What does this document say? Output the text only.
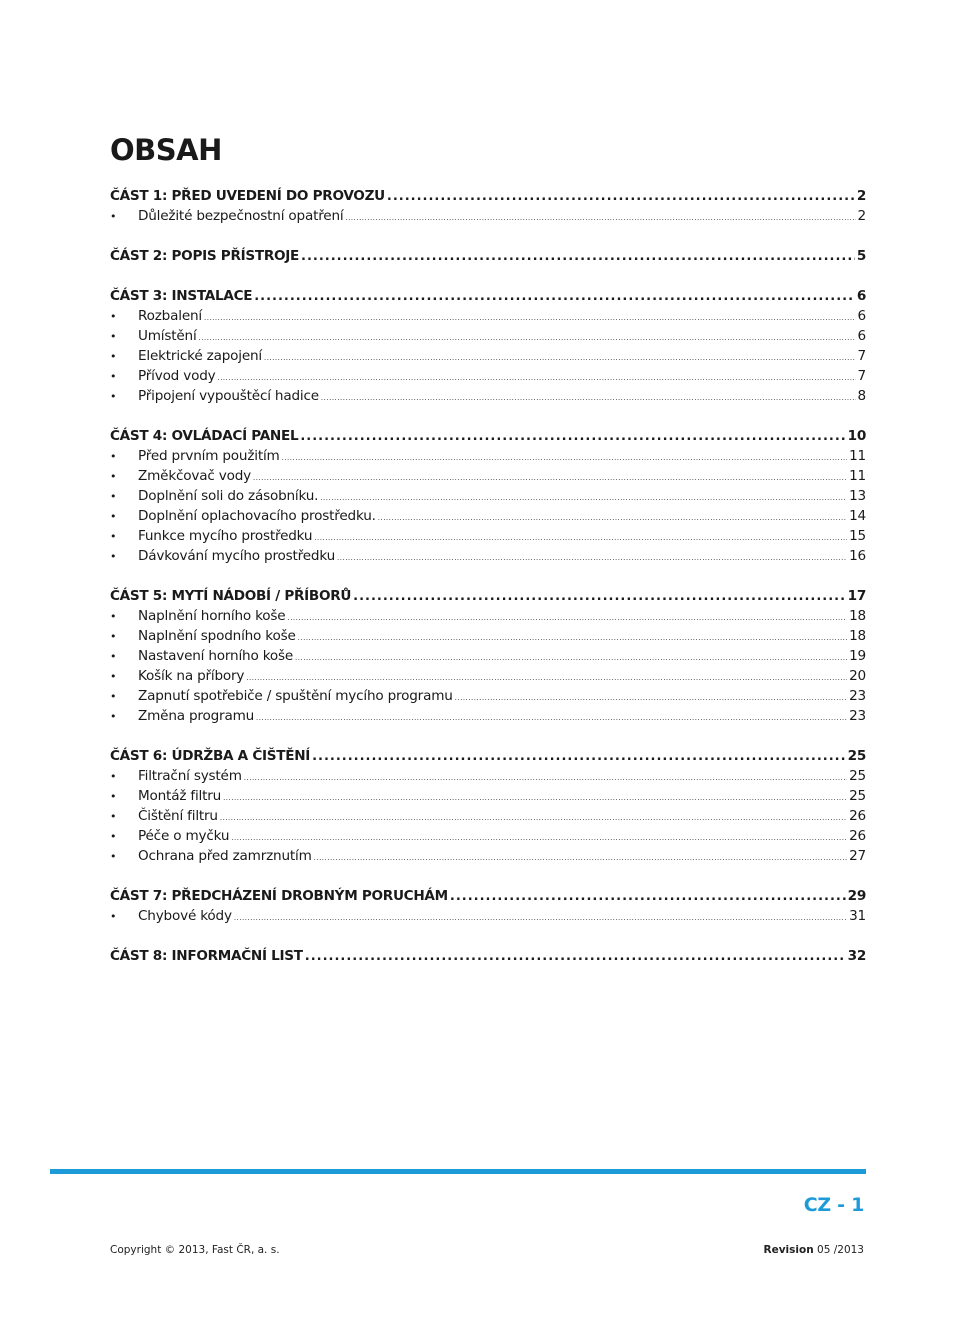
OBSAH
ČÁST 1: PŘED UVEDENÍ DO PROVOZU .....	2
•	Důležité bezpečnostní opatření .....	2
ČÁST 2: POPIS PŘÍSTROJE .....	5
ČÁST 3: INSTALACE .....	6
•	Rozbalení .....	6
•	Umístění .....	6
•	Elektrické zapojení .....	7
•	Přívod vody .....	7
•	Připojení vypouštěcí hadice .....	8
ČÁST 4: OVLÁDACÍ PANEL .....	10
•	Před prvním použitím .....	11
•	Změkčovač vody .....	11
•	Doplnění soli do zásobníku. .....	13
•	Doplnění oplachovacího prostředku. .....	14
•	Funkce mycího prostředku .....	15
•	Dávkování mycího prostředku .....	16
ČÁST 5: MYTÍ NÁDOBÍ / PŘÍBORŮ .....	17
•	Naplnění horního koše .....	18
•	Naplnění spodního koše .....	18
•	Nastavení horního koše .....	19
•	Košík na příbory .....	20
•	Zapnutí spotřebiče / spuštění mycího programu .....	23
•	Změna programu .....	23
ČÁST 6: ÚDRŽBA A ČIŠTĚNÍ .....	25
•	Filtrační systém .....	25
•	Montáž filtru .....	25
•	Čištění filtru .....	26
•	Péče o myčku .....	26
•	Ochrana před zamrznutím .....	27
ČÁST 7: PŘEDCHÁZENÍ DROBNÝM PORUCHÁM .....	29
•	Chybové kódy .....	31
ČÁST 8: INFORMAČNÍ LIST .....	32
CZ - 1
Copyright © 2013, Fast ČR, a. s.	Revision 05 /2013
